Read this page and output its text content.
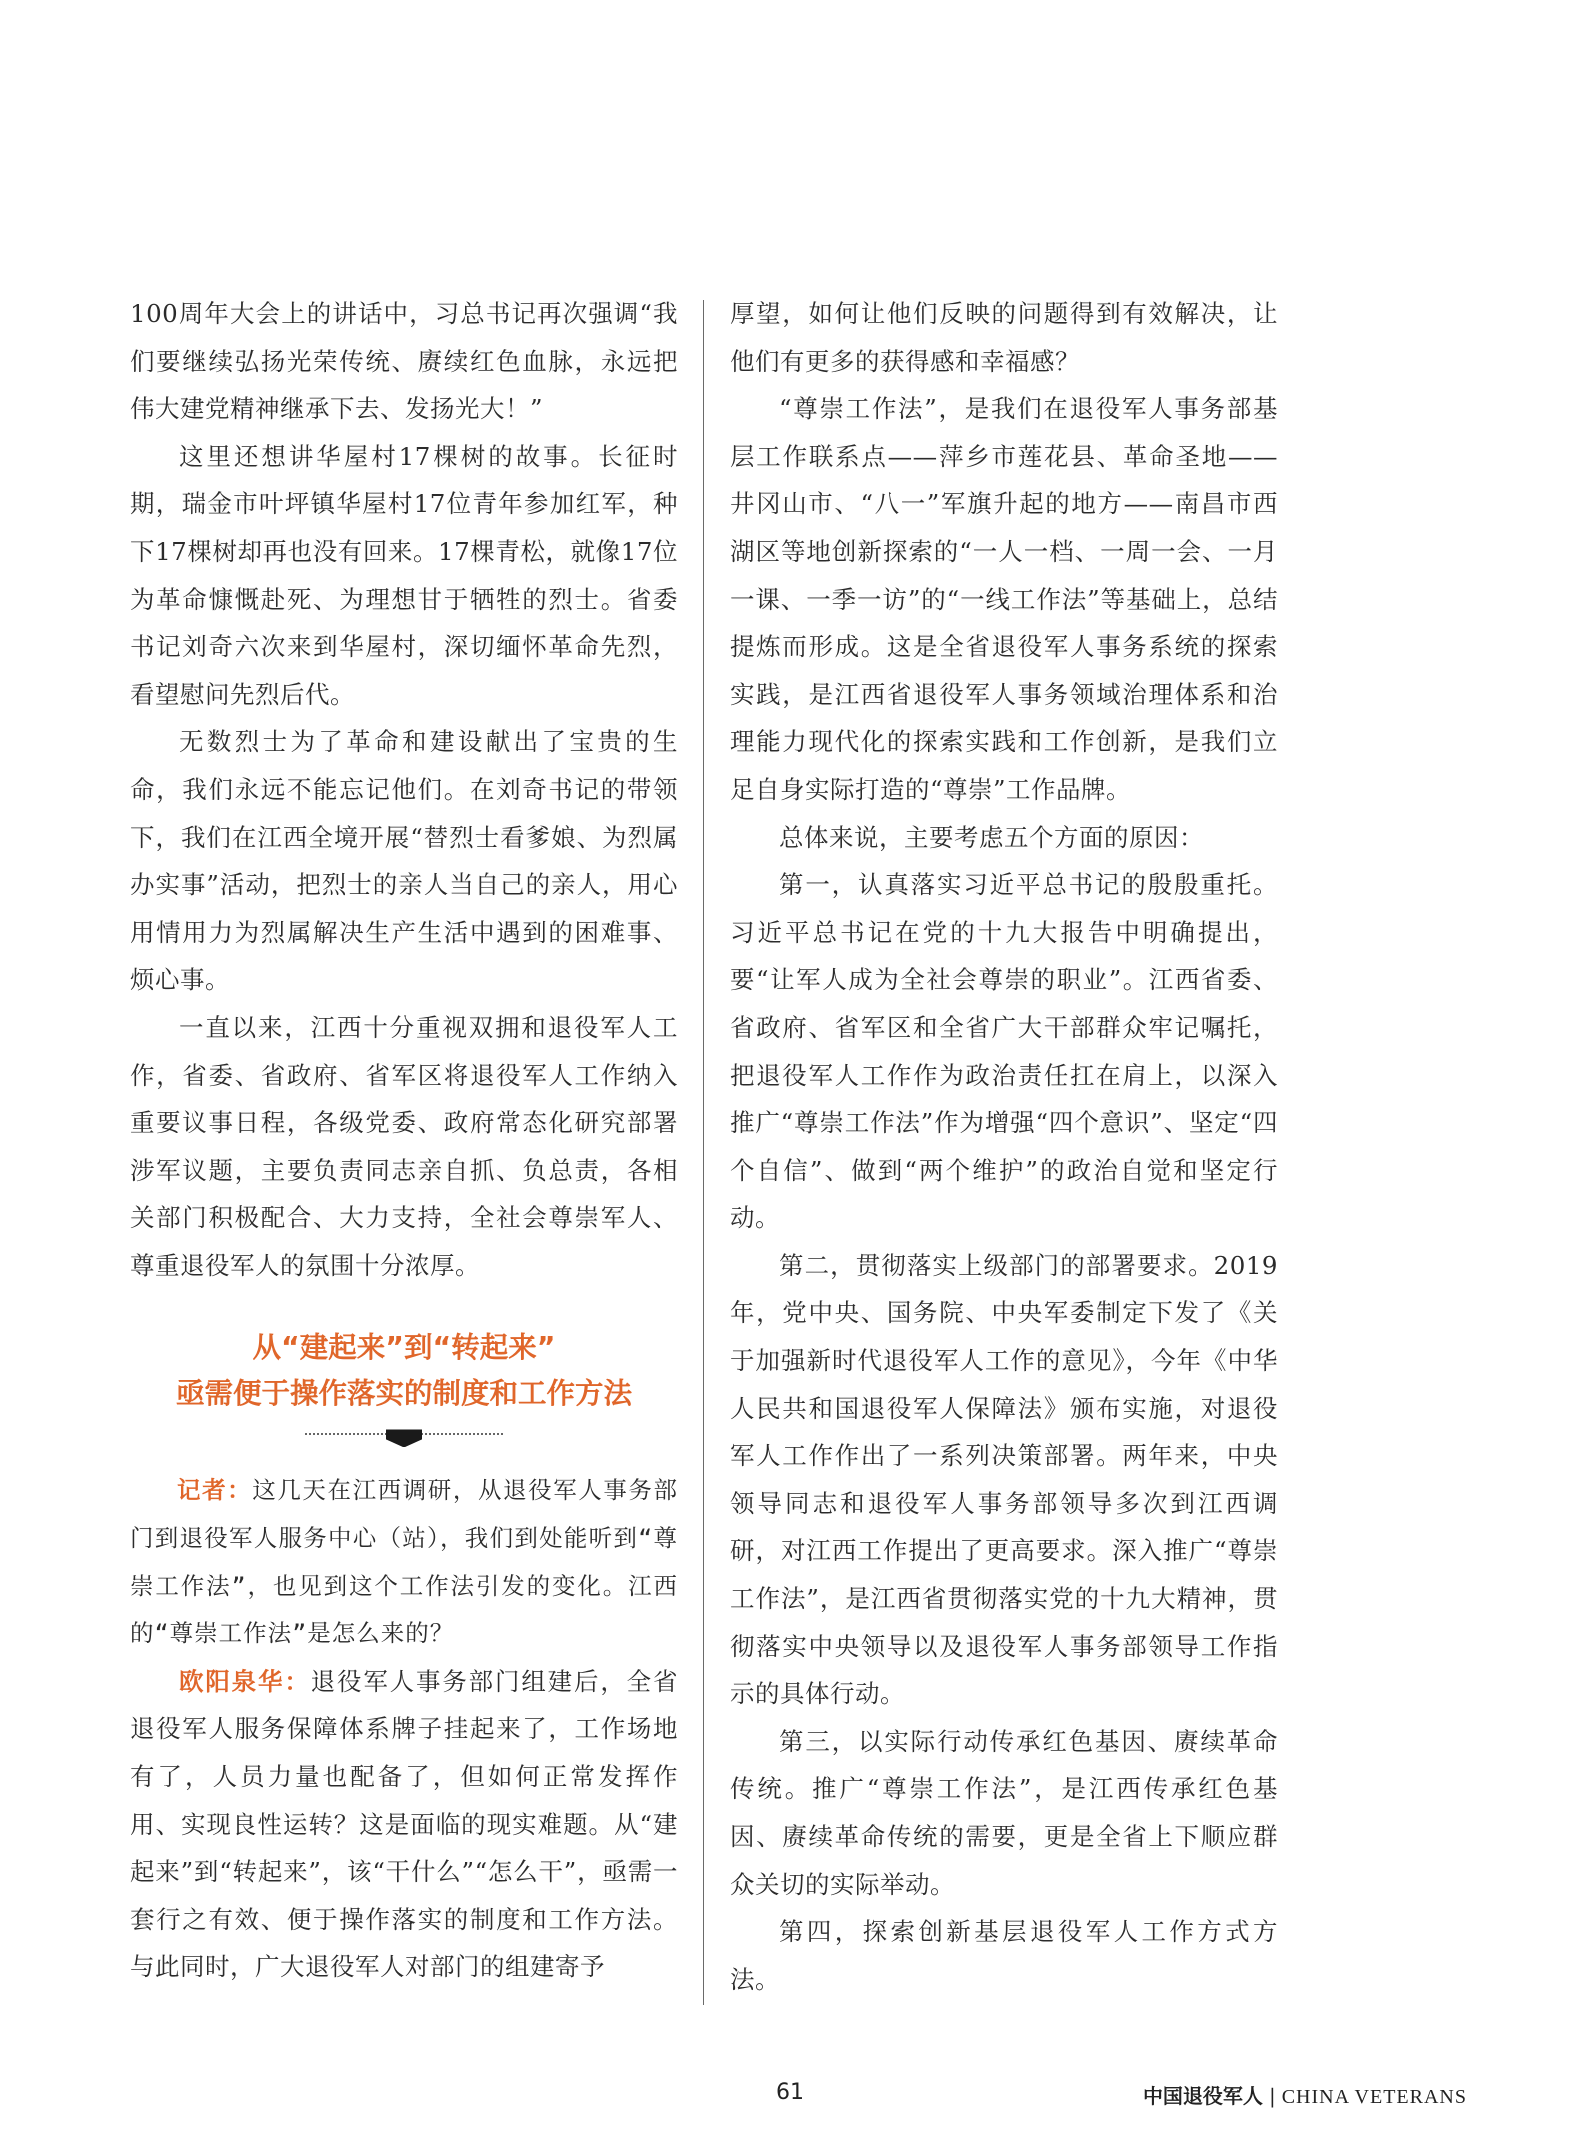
100周年大会上的讲话中，习总书记再次强调“我们要继续弘扬光荣传统、赓续红色血脉，永远把伟大建党精神继承下去、发扬光大！”

这里还想讲华屋村17棵树的故事。长征时期，瑞金市叶坪镇华屋村17位青年参加红军，种下17棵树却再也没有回来。17棵青松，就像17位为革命慷慨赴死、为理想甘于牺牲的烈士。省委书记刘奇六次来到华屋村，深切缅怀革命先烈，看望慰问先烈后代。

无数烈士为了革命和建设献出了宝贵的生命，我们永远不能忘记他们。在刘奇书记的带领下，我们在江西全境开展“替烈士看爹娘、为烈属办实事”活动，把烈士的亲人当自己的亲人，用心用情用力为烈属解决生产生活中遇到的困难事、烦心事。

一直以来，江西十分重视双拥和退役军人工作，省委、省政府、省军区将退役军人工作纳入重要议事日程，各级党委、政府常态化研究部署涉军议题，主要负责同志亲自抓、负总责，各相关部门积极配合、大力支持，全社会尊崇军人、尊重退役军人的氛围十分浓厚。

从“建起来”到“转起来”
亟需便于操作落实的制度和工作方法

记者：这几天在江西调研，从退役军人事务部门到退役军人服务中心（站），我们到处能听到“尊崇工作法”，也见到这个工作法引发的变化。江西的“尊崇工作法”是怎么来的？

欧阳泉华：退役军人事务部门组建后，全省退役军人服务保障体系牌子挂起来了，工作场地有了，人员力量也配备了，但如何正常发挥作用、实现良性运转？这是面临的现实难题。从“建起来”到“转起来”，该“干什么”“怎么干”，亟需一套行之有效、便于操作落实的制度和工作方法。与此同时，广大退役军人对部门的组建寄予

厚望，如何让他们反映的问题得到有效解决，让他们有更多的获得感和幸福感？

“尊崇工作法”，是我们在退役军人事务部基层工作联系点——萍乡市莲花县、革命圣地——井冈山市、“八一”军旗升起的地方——南昌市西湖区等地创新探索的“一人一档、一周一会、一月一课、一季一访”的“一线工作法”等基础上，总结提炼而形成。这是全省退役军人事务系统的探索实践，是江西省退役军人事务领域治理体系和治理能力现代化的探索实践和工作创新，是我们立足自身实际打造的“尊崇”工作品牌。

总体来说，主要考虑五个方面的原因：

第一，认真落实习近平总书记的殷殷重托。习近平总书记在党的十九大报告中明确提出，要“让军人成为全社会尊崇的职业”。江西省委、省政府、省军区和全省广大干部群众牢记嘱托，把退役军人工作作为政治责任扛在肩上，以深入推广“尊崇工作法”作为增强“四个意识”、坚定“四个自信”、做到“两个维护”的政治自觉和坚定行动。

第二，贯彻落实上级部门的部署要求。2019年，党中央、国务院、中央军委制定下发了《关于加强新时代退役军人工作的意见》，今年《中华人民共和国退役军人保障法》颁布实施，对退役军人工作作出了一系列决策部署。两年来，中央领导同志和退役军人事务部领导多次到江西调研，对江西工作提出了更高要求。深入推广“尊崇工作法”，是江西省贯彻落实党的十九大精神，贯彻落实中央领导以及退役军人事务部领导工作指示的具体行动。

第三，以实际行动传承红色基因、赓续革命传统。推广“尊崇工作法”，是江西传承红色基因、赓续革命传统的需要，更是全省上下顺应群众关切的实际举动。

第四，探索创新基层退役军人工作方式方法。

61	中国退役军人 | CHINA VETERANS
